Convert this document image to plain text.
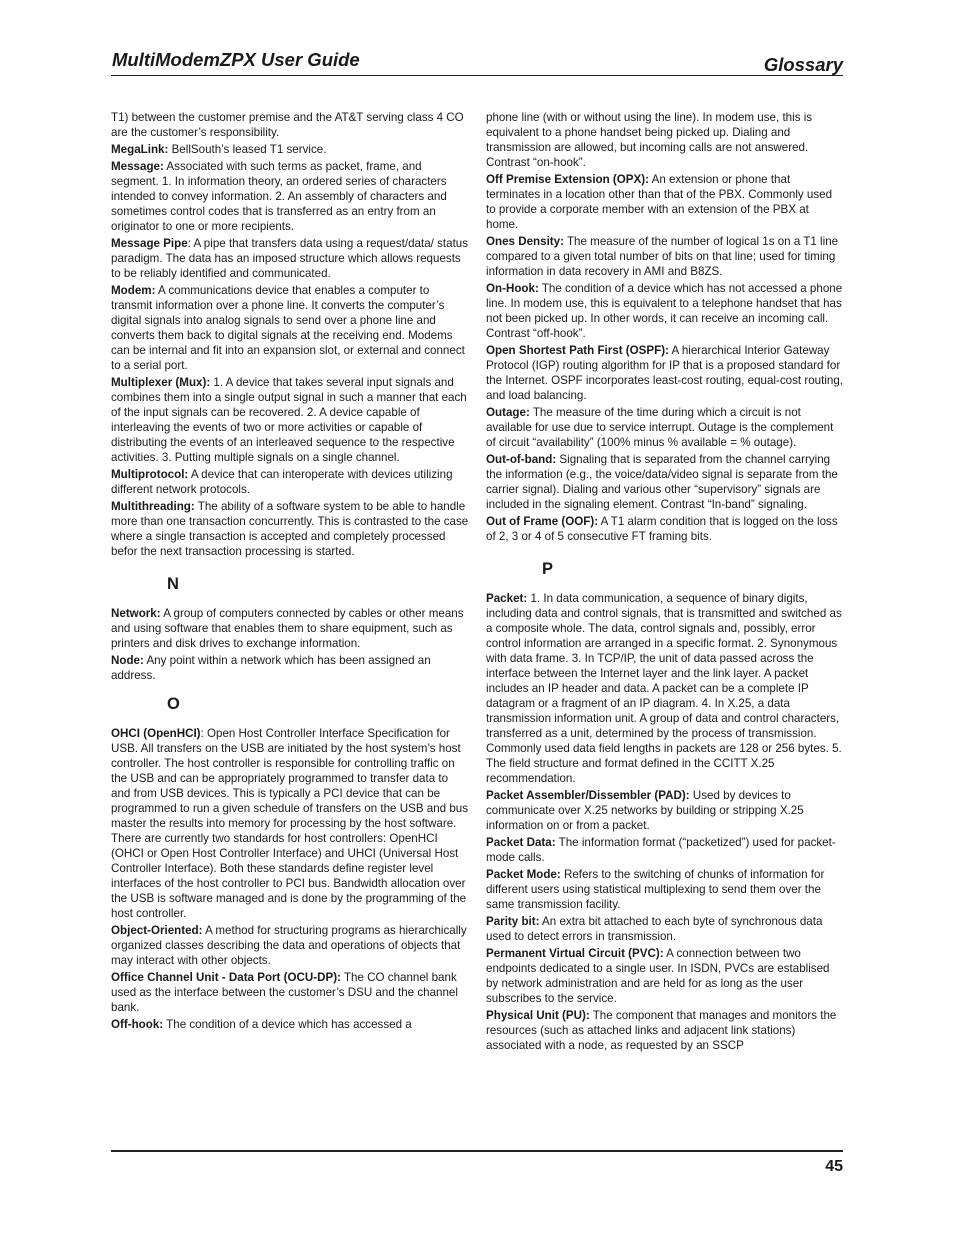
MultiModemZPX User Guide	Glossary
T1) between the customer premise and the AT&T serving class 4 CO are the customer’s responsibility.
MegaLink: BellSouth’s leased T1 service.
Message: Associated with such terms as packet, frame, and segment. 1. In information theory, an ordered series of characters intended to convey information. 2. An assembly of characters and sometimes control codes that is transferred as an entry from an originator to one or more recipients.
Message Pipe: A pipe that transfers data using a request/data/ status paradigm. The data has an imposed structure which allows requests to be reliably identified and communicated.
Modem: A communications device that enables a computer to transmit information over a phone line. It converts the computer’s digital signals into analog signals to send over a phone line and converts them back to digital signals at the receiving end. Modems can be internal and fit into an expansion slot, or external and connect to a serial port.
Multiplexer (Mux): 1. A device that takes several input signals and combines them into a single output signal in such a manner that each of the input signals can be recovered. 2. A device capable of interleaving the events of two or more activities or capable of distributing the events of an interleaved sequence to the respective activities. 3. Putting multiple signals on a single channel.
Multiprotocol: A device that can interoperate with devices utilizing different network protocols.
Multithreading: The ability of a software system to be able to handle more than one transaction concurrently. This is contrasted to the case where a single transaction is accepted and completely processed befor the next transaction processing is started.
N
Network: A group of computers connected by cables or other means and using software that enables them to share equipment, such as printers and disk drives to exchange information.
Node: Any point within a network which has been assigned an address.
O
OHCI (OpenHCI): Open Host Controller Interface Specification for USB. All transfers on the USB are initiated by the host system’s host controller. The host controller is responsible for controlling traffic on the USB and can be appropriately programmed to transfer data to and from USB devices. This is typically a PCI device that can be programmed to run a given schedule of transfers on the USB and bus master the results into memory for processing by the host software. There are currently two standards for host controllers: OpenHCI (OHCI or Open Host Controller Interface) and UHCI (Universal Host Controller Interface). Both these standards define register level interfaces of the host controller to PCI bus. Bandwidth allocation over the USB is software managed and is done by the programming of the host controller.
Object-Oriented: A method for structuring programs as hierarchically organized classes describing the data and operations of objects that may interact with other objects.
Office Channel Unit - Data Port (OCU-DP): The CO channel bank used as the interface between the customer’s DSU and the channel bank.
Off-hook: The condition of a device which has accessed a
phone line (with or without using the line). In modem use, this is equivalent to a phone handset being picked up. Dialing and transmission are allowed, but incoming calls are not answered. Contrast “on-hook”.
Off Premise Extension (OPX): An extension or phone that terminates in a location other than that of the PBX. Commonly used to provide a corporate member with an extension of the PBX at home.
Ones Density: The measure of the number of logical 1s on a T1 line compared to a given total number of bits on that line; used for timing information in data recovery in AMI and B8ZS.
On-Hook: The condition of a device which has not accessed a phone line. In modem use, this is equivalent to a telephone handset that has not been picked up. In other words, it can receive an incoming call. Contrast “off-hook”.
Open Shortest Path First (OSPF): A hierarchical Interior Gateway Protocol (IGP) routing algorithm for IP that is a proposed standard for the Internet. OSPF incorporates least-cost routing, equal-cost routing, and load balancing.
Outage: The measure of the time during which a circuit is not available for use due to service interrupt. Outage is the complement of circuit “availability” (100% minus % available = % outage).
Out-of-band: Signaling that is separated from the channel carrying the information (e.g., the voice/data/video signal is separate from the carrier signal). Dialing and various other “supervisory” signals are included in the signaling element. Contrast “In-band” signaling.
Out of Frame (OOF): A T1 alarm condition that is logged on the loss of 2, 3 or 4 of 5 consecutive FT framing bits.
P
Packet: 1. In data communication, a sequence of binary digits, including data and control signals, that is transmitted and switched as a composite whole. The data, control signals and, possibly, error control information are arranged in a specific format. 2. Synonymous with data frame. 3. In TCP/IP, the unit of data passed across the interface between the Internet layer and the link layer. A packet includes an IP header and data. A packet can be a complete IP datagram or a fragment of an IP diagram. 4. In X.25, a data transmission information unit. A group of data and control characters, transferred as a unit, determined by the process of transmission. Commonly used data field lengths in packets are 128 or 256 bytes. 5. The field structure and format defined in the CCITT X.25 recommendation.
Packet Assembler/Dissembler (PAD): Used by devices to communicate over X.25 networks by building or stripping X.25 information on or from a packet.
Packet Data: The information format (“packetized”) used for packet-mode calls.
Packet Mode: Refers to the switching of chunks of information for different users using statistical multiplexing to send them over the same transmission facility.
Parity bit: An extra bit attached to each byte of synchronous data used to detect errors in transmission.
Permanent Virtual Circuit (PVC): A connection between two endpoints dedicated to a single user. In ISDN, PVCs are establised by network administration and are held for as long as the user subscribes to the service.
Physical Unit (PU): The component that manages and monitors the resources (such as attached links and adjacent link stations) associated with a node, as requested by an SSCP
45
